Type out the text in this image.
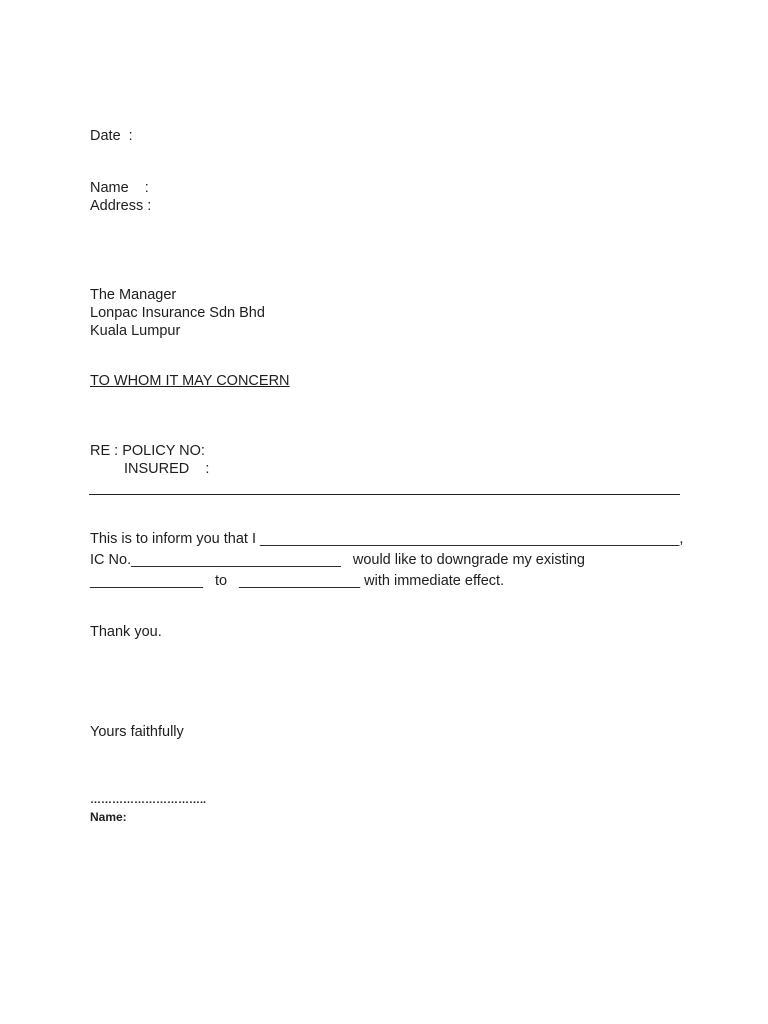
Date  :
Name    :
Address :
The Manager
Lonpac Insurance Sdn Bhd
Kuala Lumpur
TO WHOM IT MAY CONCERN
RE : POLICY NO:
INSURED    :
This is to inform you that I ____________________________________________________,
IC No.__________________________   would like to downgrade my existing
______________   to   _______________ with immediate effect.
Thank you.
Yours faithfully
…………………………..
Name:
